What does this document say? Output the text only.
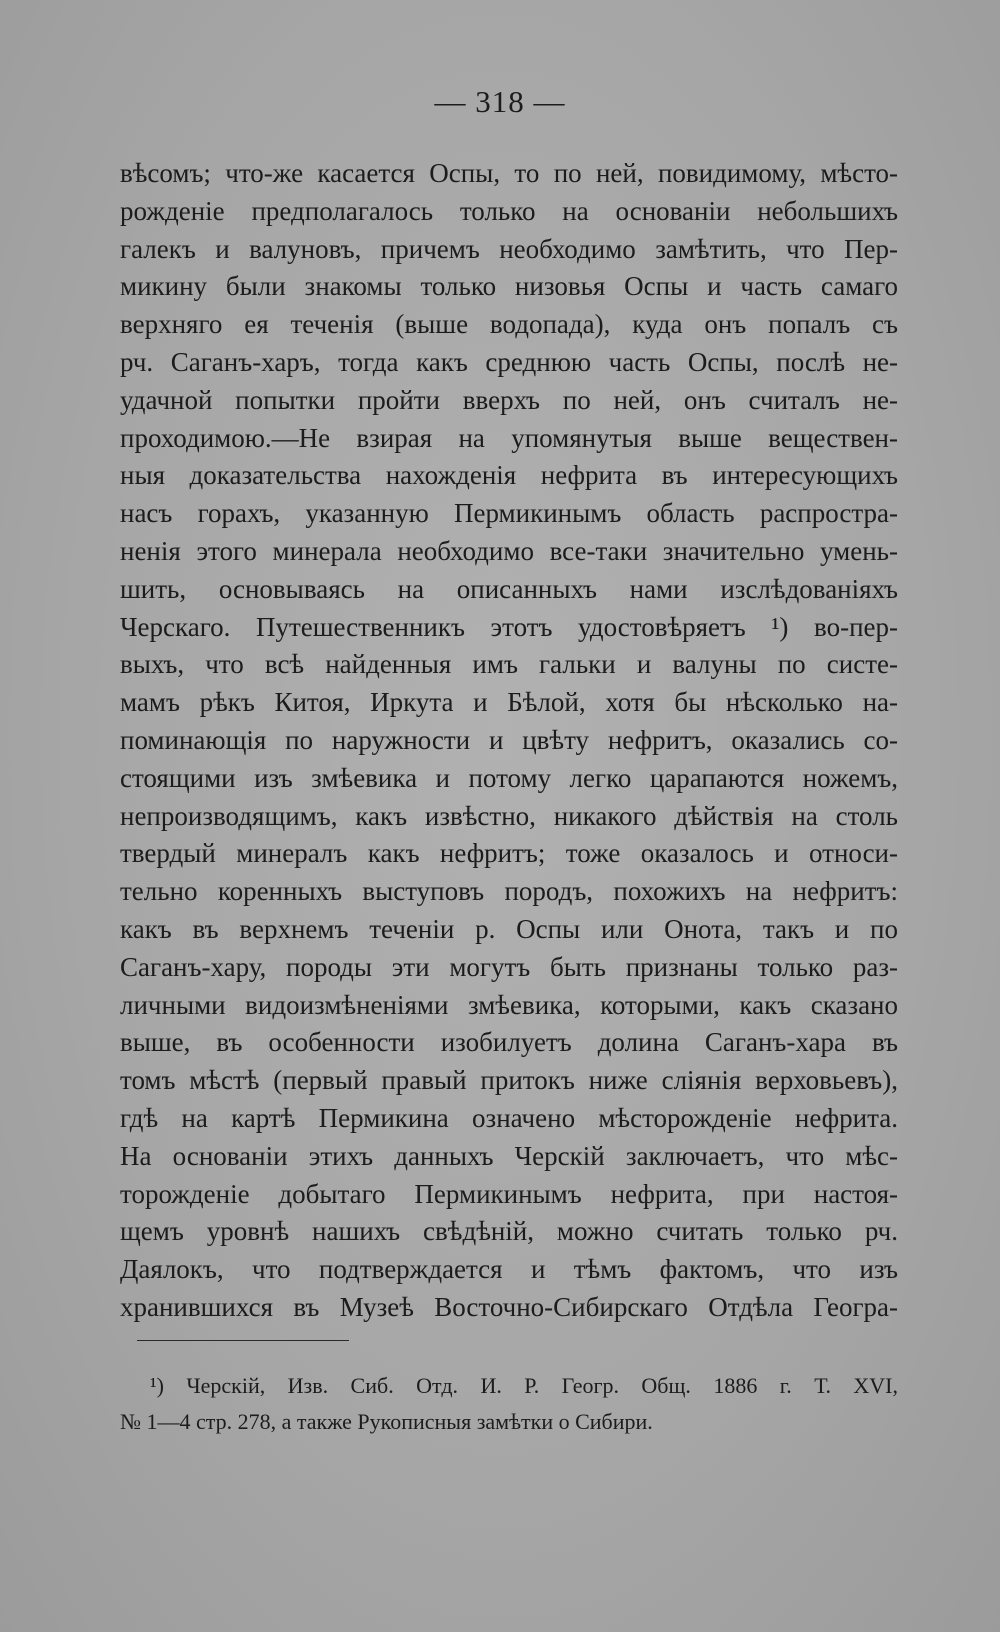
— 318 —
вѣсомъ; что-же касается Оспы, то по ней, повидимому, мѣсто-
рожденіе предполагалось только на основаніи небольшихъ
галекъ и валуновъ, причемъ необходимо замѣтить, что Пер-
микину были знакомы только низовья Оспы и часть самаго
верхняго ея теченія (выше водопада), куда онъ попалъ съ
рч. Саганъ-харъ, тогда какъ среднюю часть Оспы, послѣ не-
удачной попытки пройти вверхъ по ней, онъ считалъ не-
проходимою.—Не взирая на упомянутыя выше веществен-
ныя доказательства нахожденія нефрита въ интересующихъ
насъ горахъ, указанную Пермикинымъ область распростра-
ненія этого минерала необходимо все-таки значительно умень-
шить, основываясь на описанныхъ нами изслѣдованіяхъ
Черскаго. Путешественникъ этотъ удостовѣряетъ ¹) во-пер-
выхъ, что всѣ найденныя имъ гальки и валуны по систе-
мамъ рѣкъ Китоя, Иркута и Бѣлой, хотя бы нѣсколько на-
поминающія по наружности и цвѣту нефритъ, оказались со-
стоящими изъ змѣевика и потому легко царапаются ножемъ,
непроизводящимъ, какъ извѣстно, никакого дѣйствія на столь
твердый минералъ какъ нефритъ; тоже оказалось и относи-
тельно коренныхъ выступовъ породъ, похожихъ на нефритъ:
какъ въ верхнемъ теченіи р. Оспы или Онота, такъ и по
Саганъ-хару, породы эти могутъ быть признаны только раз-
личными видоизмѣненіями змѣевика, которыми, какъ сказано
выше, въ особенности изобилуетъ долина Саганъ-хара въ
томъ мѣстѣ (первый правый притокъ ниже сліянія верховьевъ),
гдѣ на картѣ Пермикина означено мѣсторожденіе нефрита.
На основаніи этихъ данныхъ Черскій заключаетъ, что мѣс-
торожденіе добытаго Пермикинымъ нефрита, при настоя-
щемъ уровнѣ нашихъ свѣдѣній, можно считать только рч.
Даялокъ, что подтверждается и тѣмъ фактомъ, что изъ
хранившихся въ Музеѣ Восточно-Сибирскаго Отдѣла Геогра-
¹) Черскій, Изв. Сиб. Отд. И. Р. Геогр. Общ. 1886 г. Т. XVI,
№ 1—4 стр. 278, а также Рукописныя замѣтки о Сибири.
